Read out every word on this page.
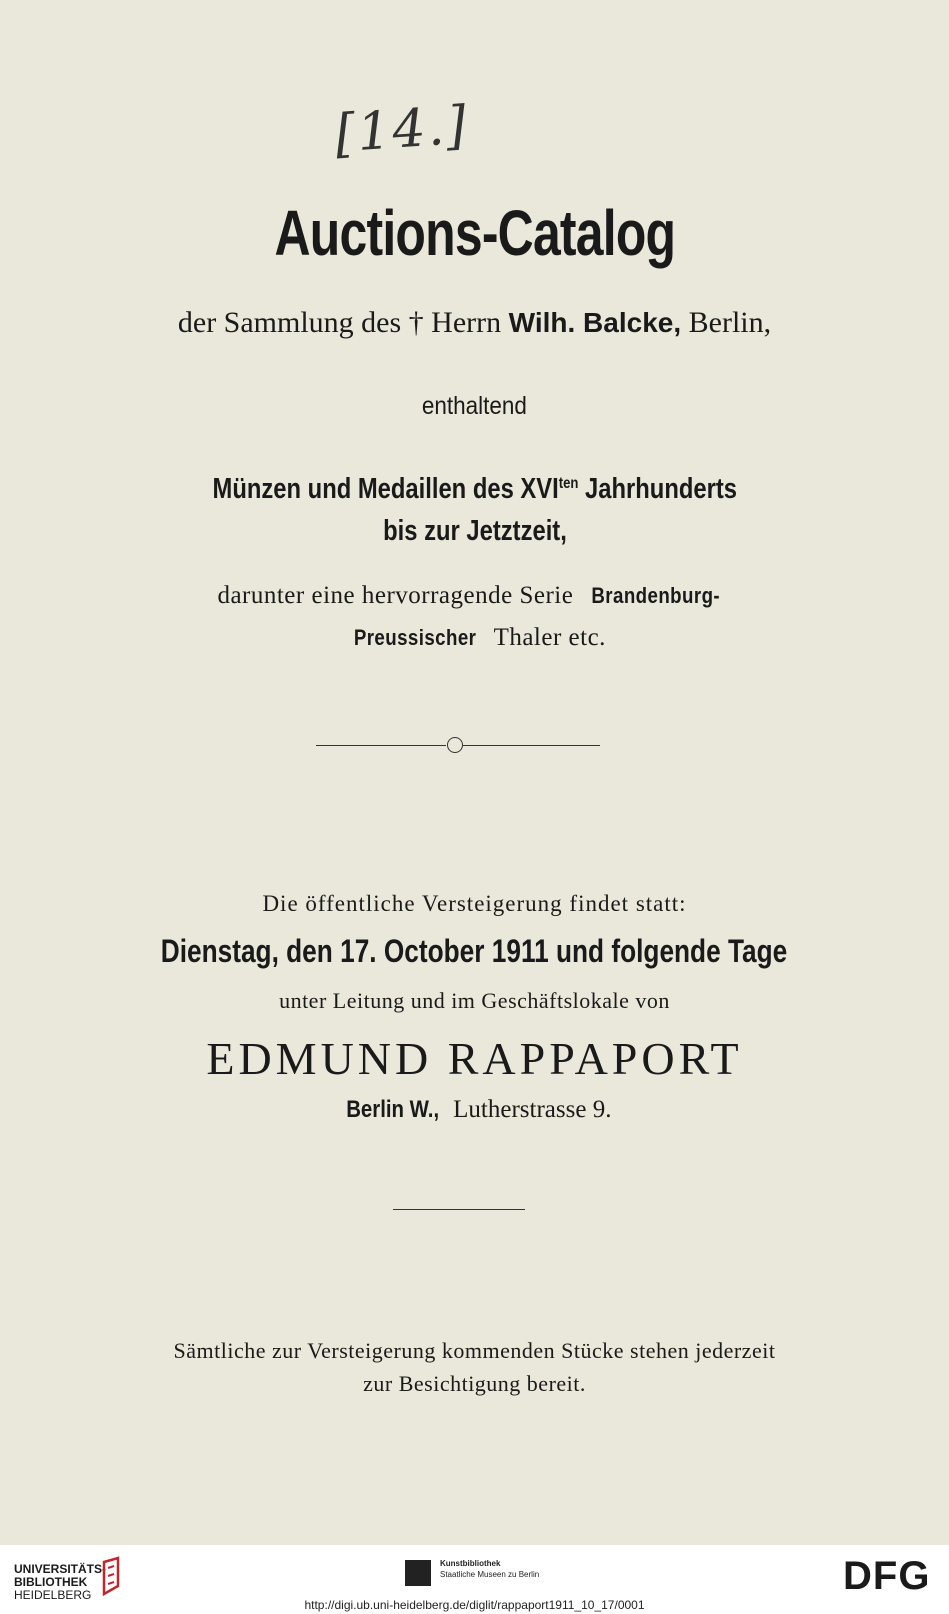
[14.]
Auctions-Catalog
der Sammlung des † Herrn Wilh. Balcke, Berlin,
enthaltend
Münzen und Medaillen des $XVI^{ten}$ Jahrhunderts
bis zur Jetztzeit,
darunter eine hervorragende Serie Brandenburg-
Preussischer Thaler etc.
Die öffentliche Versteigerung findet statt:
Dienstag, den 17. October 1911 und folgende Tage
unter Leitung und im Geschäftslokale von
EDMUND RAPPAPORT
Berlin W., Lutherstrasse 9.
Sämtliche zur Versteigerung kommenden Stücke stehen jederzeit
zur Besichtigung bereit.
UNIVERSITÄTS-
BIBLIOTHEK
HEIDELBERG
Kunstbibliothek
Staatliche Museen zu Berlin	DFG
http://digi.ub.uni-heidelberg.de/diglit/rappaport1911_10_17/0001
